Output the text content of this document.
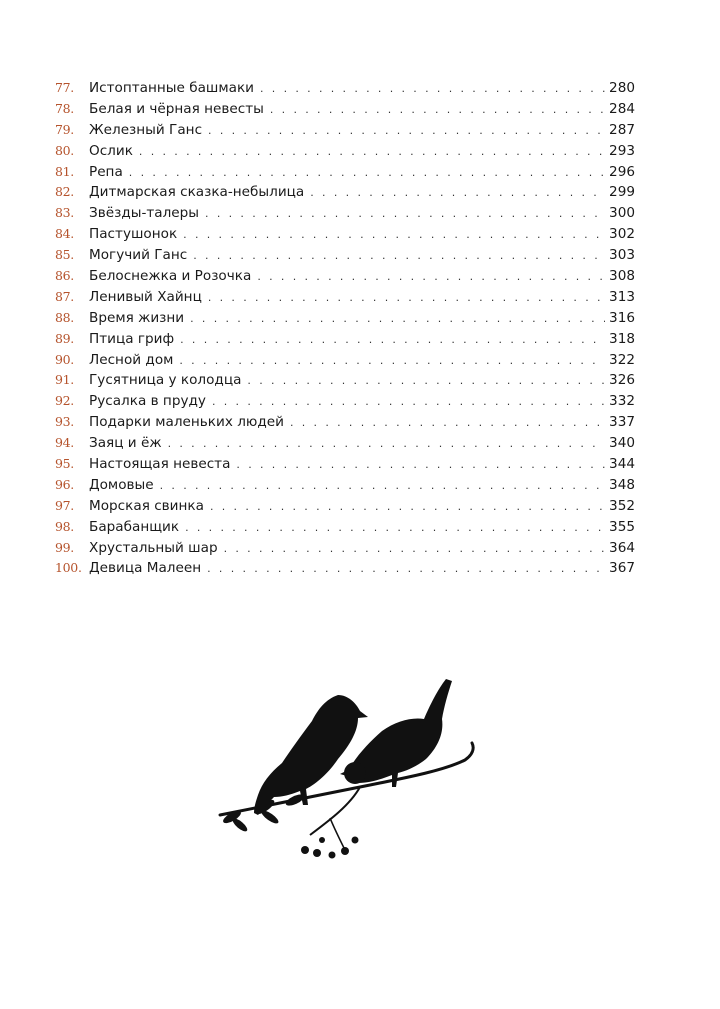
77.	Истоптанные башмаки . . .	280
78.	Белая и чёрная невесты . . .	284
79.	Железный Ганс . . .	287
80.	Ослик . . .	293
81.	Репа . . .	296
82.	Дитмарская сказка-небылица . . .	299
83.	Звёзды-талеры . . .	300
84.	Пастушонок . . .	302
85.	Могучий Ганс . . .	303
86.	Белоснежка и Розочка . . .	308
87.	Ленивый Хайнц . . .	313
88.	Время жизни . . .	316
89.	Птица гриф . . .	318
90.	Лесной дом . . .	322
91.	Гусятница у колодца . . .	326
92.	Русалка в пруду . . .	332
93.	Подарки маленьких людей . . .	337
94.	Заяц и ёж . . .	340
95.	Настоящая невеста . . .	344
96.	Домовые . . .	348
97.	Морская свинка . . .	352
98.	Барабанщик . . .	355
99.	Хрустальный шар . . .	364
100. Девица Малеен . . .	367
